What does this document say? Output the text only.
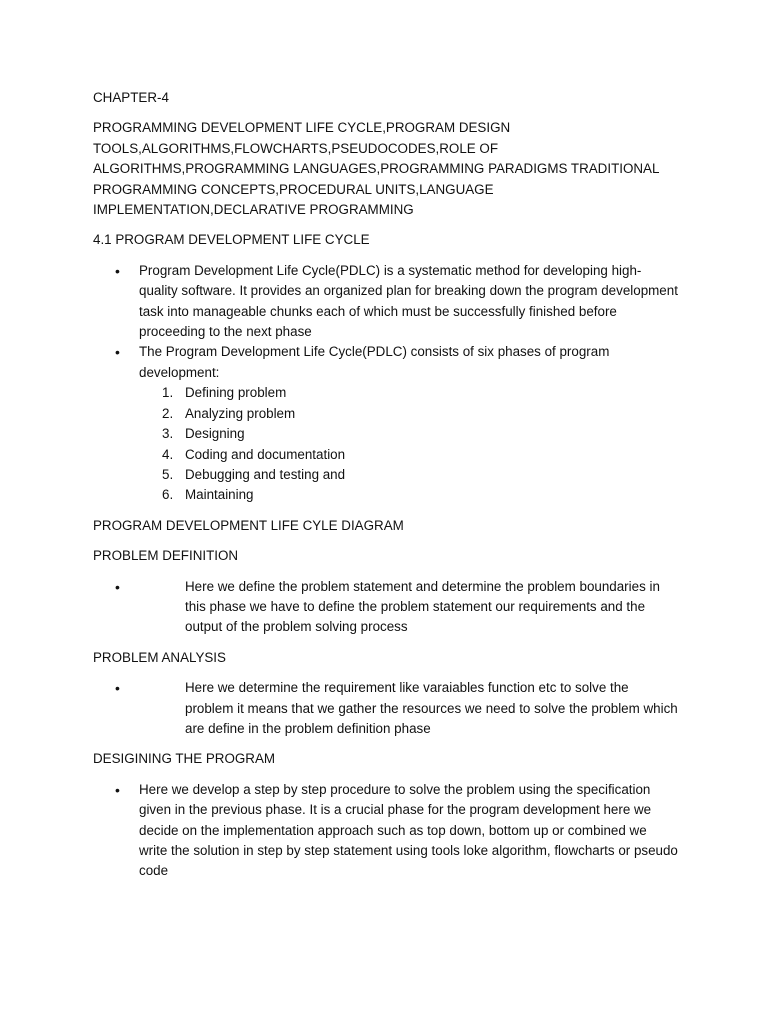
CHAPTER-4

PROGRAMMING DEVELOPMENT LIFE CYCLE,PROGRAM DESIGN TOOLS,ALGORITHMS,FLOWCHARTS,PSEUDOCODES,ROLE OF ALGORITHMS,PROGRAMMING LANGUAGES,PROGRAMMING PARADIGMS TRADITIONAL PROGRAMMING CONCEPTS,PROCEDURAL UNITS,LANGUAGE IMPLEMENTATION,DECLARATIVE PROGRAMMING

4.1 PROGRAM DEVELOPMENT LIFE CYCLE

• Program Development Life Cycle(PDLC) is a systematic method for developing high-quality software. It provides an organized plan for breaking down the program development task into manageable chunks each of which must be successfully finished before proceeding to the next phase
• The Program Development Life Cycle(PDLC) consists of six phases of program development:
1. Defining problem
2. Analyzing problem
3. Designing
4. Coding and documentation
5. Debugging and testing and
6. Maintaining

PROGRAM DEVELOPMENT LIFE CYLE DIAGRAM

PROBLEM DEFINITION

• Here we define the problem statement and determine the problem boundaries in this phase we have to define the problem statement our requirements and the output of the problem solving process

PROBLEM ANALYSIS

• Here we determine the requirement like varaiables function etc to solve the problem it means that we gather the resources we need to solve the problem which are define in the problem definition phase

DESIGINING THE PROGRAM

• Here we develop a step by step procedure to solve the problem using the specification given in the previous phase. It is a crucial phase for the program development here we decide on the implementation approach such as top down, bottom up or combined we write the solution in step by step statement using tools loke algorithm, flowcharts or pseudo code
